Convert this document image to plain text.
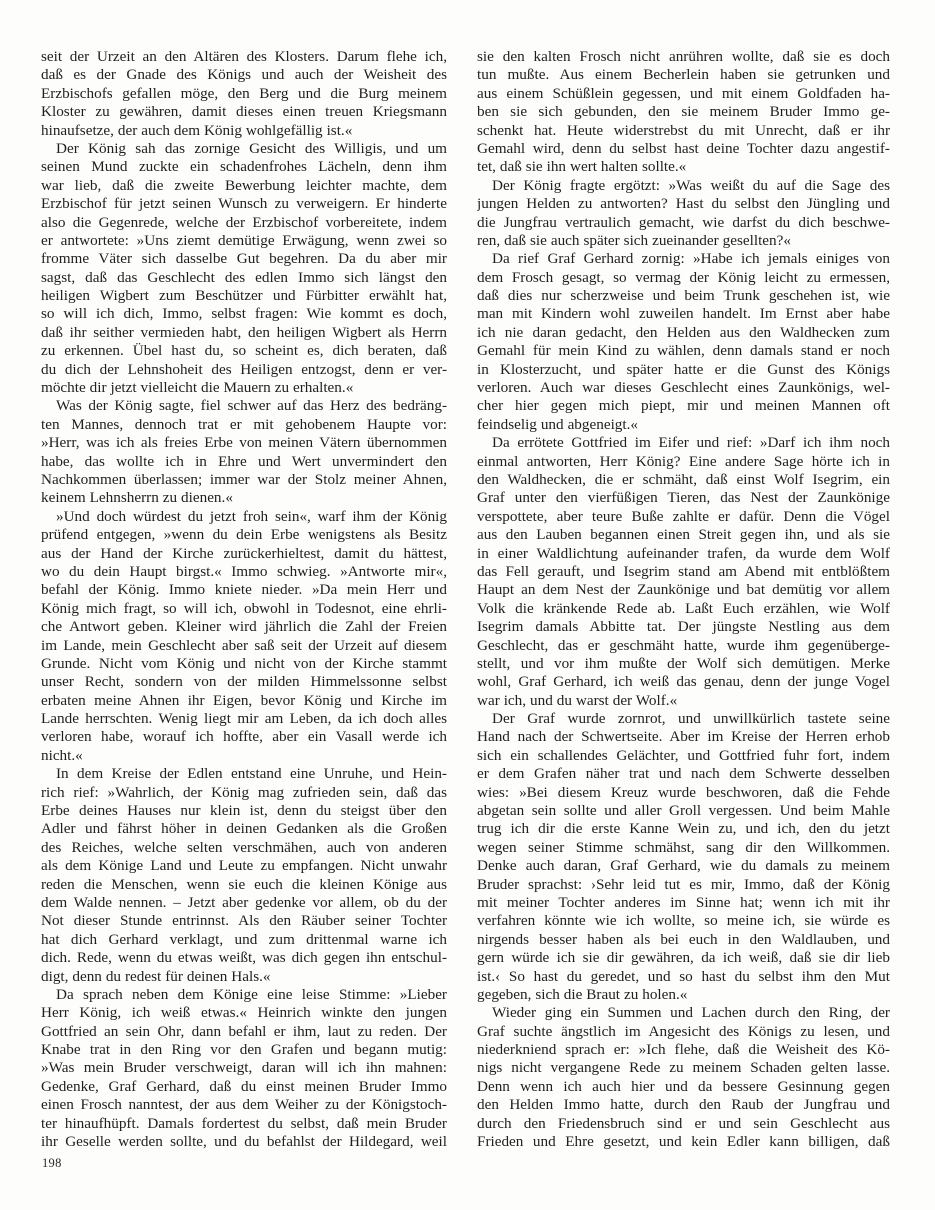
seit der Urzeit an den Altären des Klosters. Darum flehe ich,
daß es der Gnade des Königs und auch der Weisheit des
Erzbischofs gefallen möge, den Berg und die Burg meinem
Kloster zu gewähren, damit dieses einen treuen Kriegsmann
hinaufsetze, der auch dem König wohlgefällig ist.«
Der König sah das zornige Gesicht des Willigis, und um
seinen Mund zuckte ein schadenfrohes Lächeln, denn ihm
war lieb, daß die zweite Bewerbung leichter machte, dem
Erzbischof für jetzt seinen Wunsch zu verweigern. Er hinderte
also die Gegenrede, welche der Erzbischof vorbereitete, indem
er antwortete: »Uns ziemt demütige Erwägung, wenn zwei so
fromme Väter sich dasselbe Gut begehren. Da du aber mir
sagst, daß das Geschlecht des edlen Immo sich längst den
heiligen Wigbert zum Beschützer und Fürbitter erwählt hat,
so will ich dich, Immo, selbst fragen: Wie kommt es doch,
daß ihr seither vermieden habt, den heiligen Wigbert als Herrn
zu erkennen. Übel hast du, so scheint es, dich beraten, daß
du dich der Lehnshoheit des Heiligen entzogst, denn er ver-
möchte dir jetzt vielleicht die Mauern zu erhalten.«
Was der König sagte, fiel schwer auf das Herz des bedräng-
ten Mannes, dennoch trat er mit gehobenem Haupte vor:
»Herr, was ich als freies Erbe von meinen Vätern übernommen
habe, das wollte ich in Ehre und Wert unvermindert den
Nachkommen überlassen; immer war der Stolz meiner Ahnen,
keinem Lehnsherrn zu dienen.«
»Und doch würdest du jetzt froh sein«, warf ihm der König
prüfend entgegen, »wenn du dein Erbe wenigstens als Besitz
aus der Hand der Kirche zurückerhieltest, damit du hättest,
wo du dein Haupt birgst.« Immo schwieg. »Antworte mir«,
befahl der König. Immo kniete nieder. »Da mein Herr und
König mich fragt, so will ich, obwohl in Todesnot, eine ehrli-
che Antwort geben. Kleiner wird jährlich die Zahl der Freien
im Lande, mein Geschlecht aber saß seit der Urzeit auf diesem
Grunde. Nicht vom König und nicht von der Kirche stammt
unser Recht, sondern von der milden Himmelssonne selbst
erbaten meine Ahnen ihr Eigen, bevor König und Kirche im
Lande herrschten. Wenig liegt mir am Leben, da ich doch alles
verloren habe, worauf ich hoffte, aber ein Vasall werde ich
nicht.«
In dem Kreise der Edlen entstand eine Unruhe, und Hein-
rich rief: »Wahrlich, der König mag zufrieden sein, daß das
Erbe deines Hauses nur klein ist, denn du steigst über den
Adler und fährst höher in deinen Gedanken als die Großen
des Reiches, welche selten verschmähen, auch von anderen
als dem Könige Land und Leute zu empfangen. Nicht unwahr
reden die Menschen, wenn sie euch die kleinen Könige aus
dem Walde nennen. – Jetzt aber gedenke vor allem, ob du der
Not dieser Stunde entrinnst. Als den Räuber seiner Tochter
hat dich Gerhard verklagt, und zum drittenmal warne ich
dich. Rede, wenn du etwas weißt, was dich gegen ihn entschul-
digt, denn du redest für deinen Hals.«
Da sprach neben dem Könige eine leise Stimme: »Lieber
Herr König, ich weiß etwas.« Heinrich winkte den jungen
Gottfried an sein Ohr, dann befahl er ihm, laut zu reden. Der
Knabe trat in den Ring vor den Grafen und begann mutig:
»Was mein Bruder verschweigt, daran will ich ihn mahnen:
Gedenke, Graf Gerhard, daß du einst meinen Bruder Immo
einen Frosch nanntest, der aus dem Weiher zu der Königstoch-
ter hinaufhüpft. Damals fordertest du selbst, daß mein Bruder
ihr Geselle werden sollte, und du befahlst der Hildegard, weil
sie den kalten Frosch nicht anrühren wollte, daß sie es doch
tun mußte. Aus einem Becherlein haben sie getrunken und
aus einem Schüßlein gegessen, und mit einem Goldfaden ha-
ben sie sich gebunden, den sie meinem Bruder Immo ge-
schenkt hat. Heute widerstrebst du mit Unrecht, daß er ihr
Gemahl wird, denn du selbst hast deine Tochter dazu angestif-
tet, daß sie ihn wert halten sollte.«
Der König fragte ergötzt: »Was weißt du auf die Sage des
jungen Helden zu antworten? Hast du selbst den Jüngling und
die Jungfrau vertraulich gemacht, wie darfst du dich beschwe-
ren, daß sie auch später sich zueinander gesellten?«
Da rief Graf Gerhard zornig: »Habe ich jemals einiges von
dem Frosch gesagt, so vermag der König leicht zu ermessen,
daß dies nur scherzweise und beim Trunk geschehen ist, wie
man mit Kindern wohl zuweilen handelt. Im Ernst aber habe
ich nie daran gedacht, den Helden aus den Waldhecken zum
Gemahl für mein Kind zu wählen, denn damals stand er noch
in Klosterzucht, und später hatte er die Gunst des Königs
verloren. Auch war dieses Geschlecht eines Zaunkönigs, wel-
cher hier gegen mich piept, mir und meinen Mannen oft
feindselig und abgeneigt.«
Da errötete Gottfried im Eifer und rief: »Darf ich ihm noch
einmal antworten, Herr König? Eine andere Sage hörte ich in
den Waldhecken, die er schmäht, daß einst Wolf Isegrim, ein
Graf unter den vierfüßigen Tieren, das Nest der Zaunkönige
verspottete, aber teure Buße zahlte er dafür. Denn die Vögel
aus den Lauben begannen einen Streit gegen ihn, und als sie
in einer Waldlichtung aufeinander trafen, da wurde dem Wolf
das Fell gerauft, und Isegrim stand am Abend mit entblößtem
Haupt an dem Nest der Zaunkönige und bat demütig vor allem
Volk die kränkende Rede ab. Laßt Euch erzählen, wie Wolf
Isegrim damals Abbitte tat. Der jüngste Nestling aus dem
Geschlecht, das er geschmäht hatte, wurde ihm gegenüberge-
stellt, und vor ihm mußte der Wolf sich demütigen. Merke
wohl, Graf Gerhard, ich weiß das genau, denn der junge Vogel
war ich, und du warst der Wolf.«
Der Graf wurde zornrot, und unwillkürlich tastete seine
Hand nach der Schwertseite. Aber im Kreise der Herren erhob
sich ein schallendes Gelächter, und Gottfried fuhr fort, indem
er dem Grafen näher trat und nach dem Schwerte desselben
wies: »Bei diesem Kreuz wurde beschworen, daß die Fehde
abgetan sein sollte und aller Groll vergessen. Und beim Mahle
trug ich dir die erste Kanne Wein zu, und ich, den du jetzt
wegen seiner Stimme schmähst, sang dir den Willkommen.
Denke auch daran, Graf Gerhard, wie du damals zu meinem
Bruder sprachst: ›Sehr leid tut es mir, Immo, daß der König
mit meiner Tochter anderes im Sinne hat; wenn ich mit ihr
verfahren könnte wie ich wollte, so meine ich, sie würde es
nirgends besser haben als bei euch in den Waldlauben, und
gern würde ich sie dir gewähren, da ich weiß, daß sie dir lieb
ist.‹ So hast du geredet, und so hast du selbst ihm den Mut
gegeben, sich die Braut zu holen.«
Wieder ging ein Summen und Lachen durch den Ring, der
Graf suchte ängstlich im Angesicht des Königs zu lesen, und
niederkniend sprach er: »Ich flehe, daß die Weisheit des Kö-
nigs nicht vergangene Rede zu meinem Schaden gelten lasse.
Denn wenn ich auch hier und da bessere Gesinnung gegen
den Helden Immo hatte, durch den Raub der Jungfrau und
durch den Friedensbruch sind er und sein Geschlecht aus
Frieden und Ehre gesetzt, und kein Edler kann billigen, daß
198
